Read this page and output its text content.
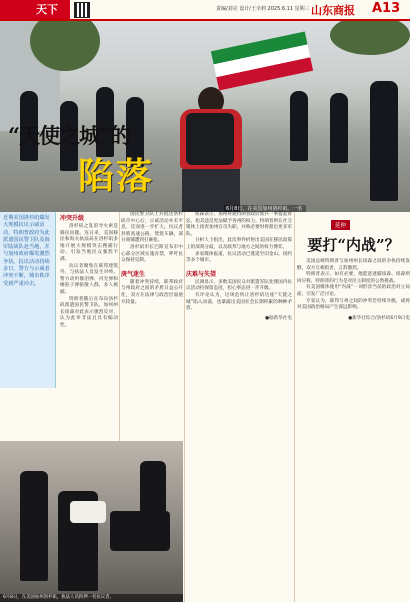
天下	责编/刘亮 设计/王幸莉 2025.6.11 星期三 山东商报 A13
6月8日，在美国加州洛杉矶，一名
“天使之城”的
陷落
近期美国洛杉矶爆发大规模抗议示威活动，特朗普政府为此派遣国民警卫队及海军陆战队赴当地，并与加州政府爆发激烈争执。抗议活动持续多日，警方与示威者冲突不断，城市秩序受到严重冲击。
冲突升级

洛杉矶之乱的导火索是移民问题。连日来，美国移民和海关执法局在洛杉矶多地开展大规模突击搜捕行动，引发当地民众强烈不满。

抗议者聚集在联邦建筑外，与执法人员发生对峙。警方动用催泪弹、闪光弹和橡胶子弹驱散人群，多人被捕。

特朗普随后宣布向洛杉矶派遣国民警卫队，加州州长纽森对此表示强烈反对，认为此举非法且具有煽动性。

国民警卫队士兵抵达洛杉矶市中心后，示威活动并未平息，反而进一步扩大。抗议者封锁高速公路，焚烧车辆，部分商铺遭到打砸抢。

洛杉矶市长巴斯宣布市中心部分区域实施宵禁，呼吁民众保持克制。

庚气迷生

随着冲突持续，联邦政府与州政府之间的矛盾日益公开化，双方在法律与政治层面展开较量。

纽森表示，加州将就特朗普政府派兵一事提起诉讼，指其违反宪法赋予各州的权力。特朗普则在社交媒体上指责加州官员失职，并称必要时将派出更多军队。

分析人士指出，此次事件折射出美国在移民政策上的深刻分歧，以及联邦与地方之间的权力博弈。

多家媒体报道，抗议活动已蔓延至旧金山、纽约等多个城市。

庆难与失望

民调显示，多数美国民众对派遣军队处理国内抗议活动持保留态度，担心事态进一步升级。

有评论认为，这场危机让洛杉矶这座“天使之城”陷入动荡，也暴露出美国社会长期积累的种种矛盾。

●据新华社电
延伸
要打“内战”？

美国总统特朗普与加州州长纽森之间的争执持续发酵，双方互相指责，言辞激烈。

特朗普表示，如有必要，他愿意逮捕纽森。纽森则回应称，特朗普的行为是对民主制度的公然挑战。

有美国媒体使用“内战”一词形容当前的政治对立局面，引发广泛讨论。

专家认为，联邦与州之间的冲突若持续升级，或将对美国政治格局产生深远影响。

●新华社综合/洛杉矶6月9日电
6月8日，在美国加州洛杉矶，执法人员拘押一名抗议者。
